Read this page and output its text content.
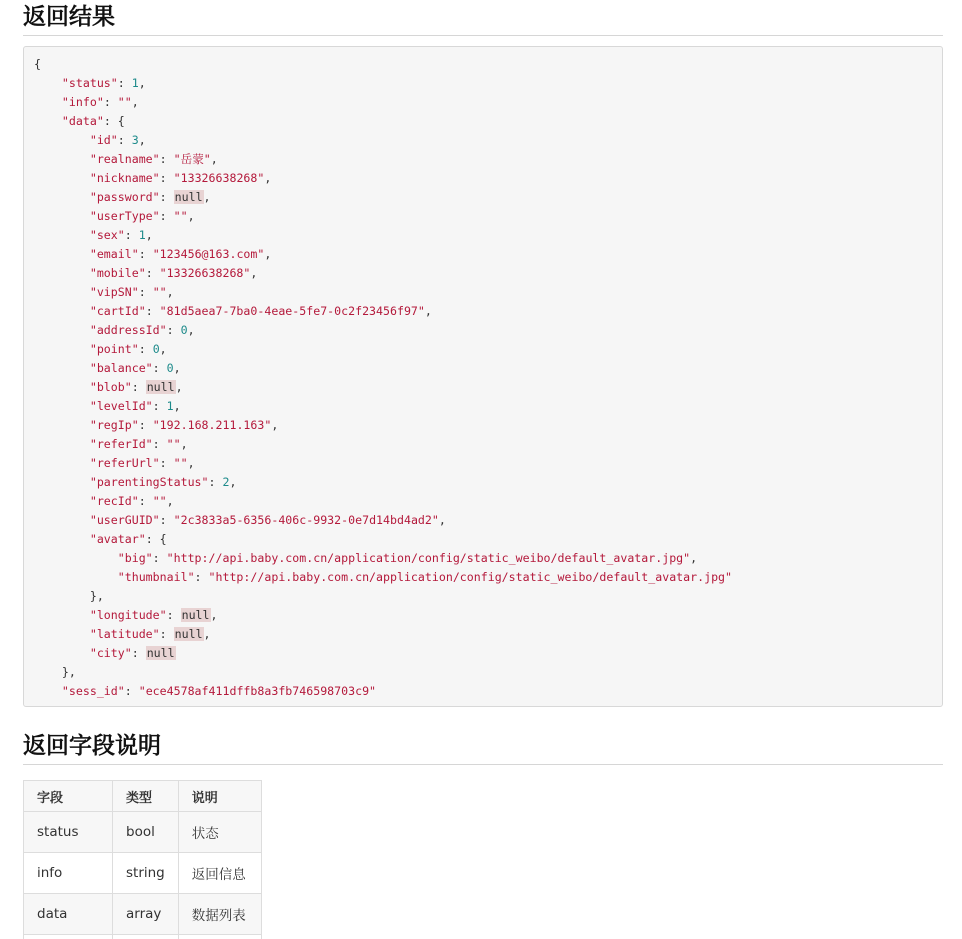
返回结果
{
"status": 1,
"info": "",
"data": {
"id": 3,
"realname": "岳蒙",
"nickname": "13326638268",
"password": null,
"userType": "",
"sex": 1,
"email": "123456@163.com",
"mobile": "13326638268",
"vipSN": "",
"cartId": "81d5aea7-7ba0-4eae-5fe7-0c2f23456f97",
"addressId": 0,
"point": 0,
"balance": 0,
"blob": null,
"levelId": 1,
"regIp": "192.168.211.163",
"referId": "",
"referUrl": "",
"parentingStatus": 2,
"recId": "",
"userGUID": "2c3833a5-6356-406c-9932-0e7d14bd4ad2",
"avatar": {
"big": "http://api.baby.com.cn/application/config/static_weibo/default_avatar.jpg",
"thumbnail": "http://api.baby.com.cn/application/config/static_weibo/default_avatar.jpg"
},
"longitude": null,
"latitude": null,
"city": null
},
"sess_id": "ece4578af411dffb8a3fb746598703c9"
返回字段说明
字段	类型	说明
status	bool	状态
info	string	返回信息
data	array	数据列表
